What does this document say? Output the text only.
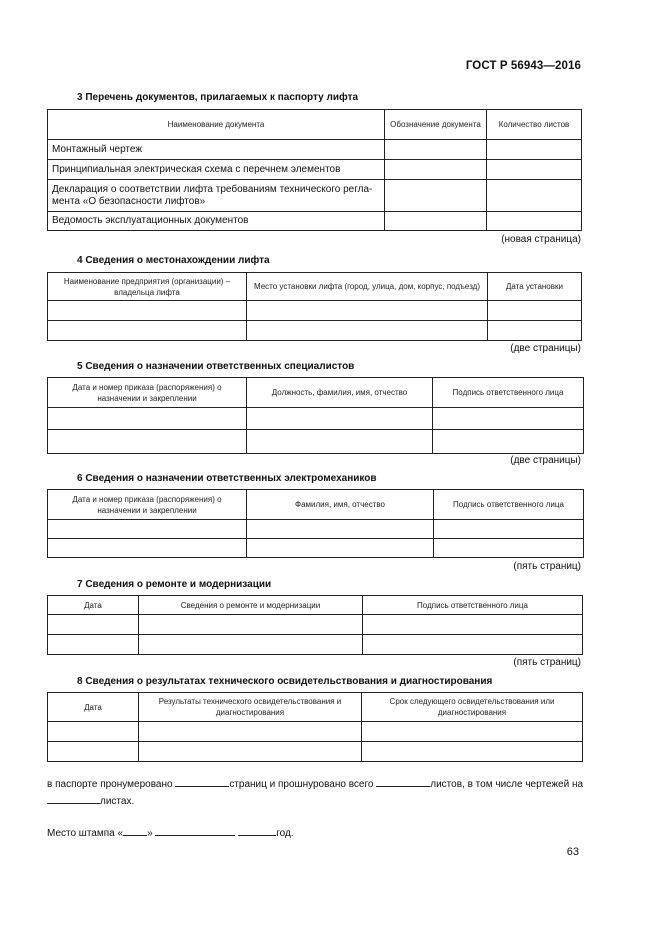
ГОСТ Р 56943—2016
3 Перечень документов, прилагаемых к паспорту лифта
Наименование документа	Обозначение документа	Количество листов
Монтажный чертеж		
Принципиальная электрическая схема с перечнем элементов		
Декларация о соответствии лифта требованиям технического регла-мента «О безопасности лифтов»		
Ведомость эксплуатационных документов		
(новая страница)
4 Сведения о местонахождении лифта
Наименование предприятия (организации) – владельца лифта	Место установки лифта (город, улица, дом, корпус, подъезд)	Дата установки

(две страницы)
5 Сведения о назначении ответственных специалистов
Дата и номер приказа (распоряжения) о назначении и закреплении	Должность, фамилия, имя, отчество	Подпись ответственного лица

(две страницы)
6 Сведения о назначении ответственных электромехаников
Дата и номер приказа (распоряжения) о назначении и закреплении	Фамилия, имя, отчество	Подпись ответственного лица

(пять страниц)
7 Сведения о ремонте и модернизации
Дата	Сведения о ремонте и модернизации	Подпись ответственного лица

(пять страниц)
8 Сведения о результатах технического освидетельствования и диагностирования
Дата	Результаты технического освидетельствования и диагностирования	Срок следующего освидетельствования или диагностирования

в паспорте пронумеровано	страниц и прошнуровано всего	листов, в том числе чертежей на
листах.
Место штампа « »	год.
63
